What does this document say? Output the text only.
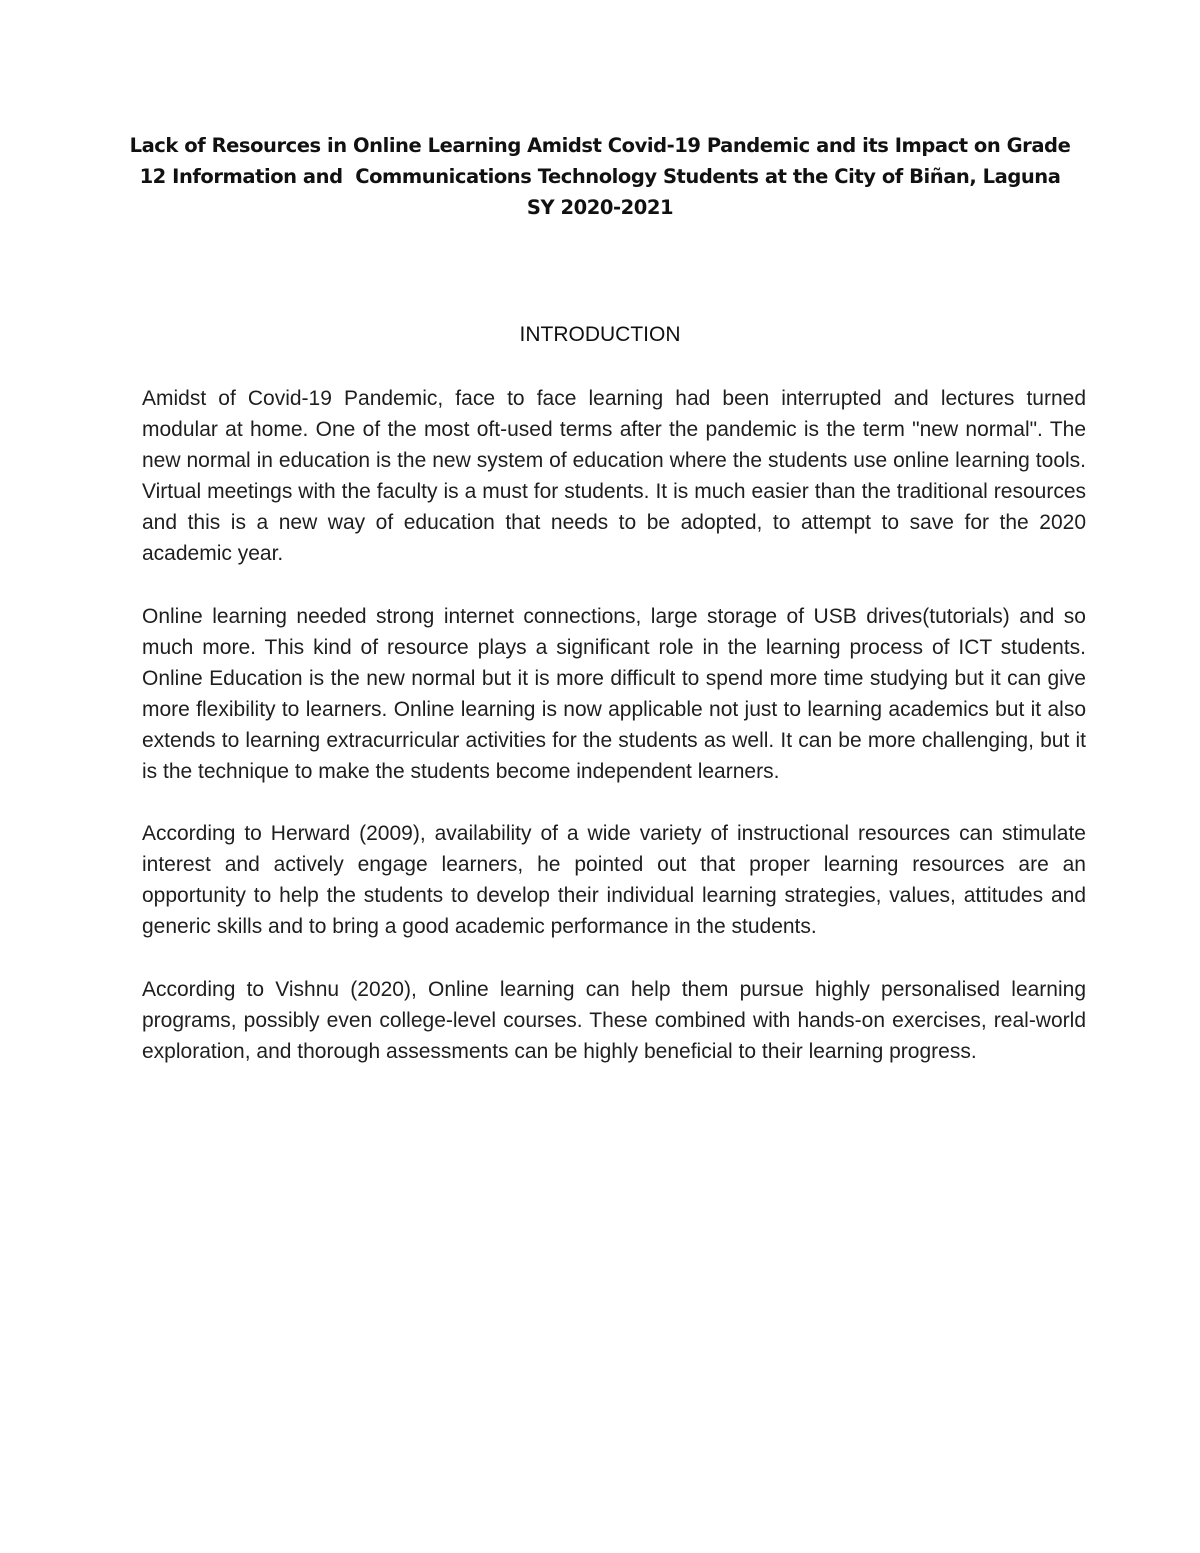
Lack of Resources in Online Learning Amidst Covid-19 Pandemic and its Impact on Grade
12 Information and  Communications Technology Students at the City of Biñan, Laguna
SY 2020-2021
INTRODUCTION

Amidst of Covid-19 Pandemic, face to face learning had been interrupted and lectures turned modular at home. One of the most oft-used terms after the pandemic is the term "new normal". The new normal in education is the new system of education where the students use online learning tools. Virtual meetings with the faculty is a must for students. It is much easier than the traditional resources and this is a new way of education that needs to be adopted, to attempt to save for the 2020 academic year.

Online learning needed strong internet connections, large storage of USB drives(tutorials) and so much more. This kind of resource plays a significant role in the learning process of ICT students. Online Education is the new normal but it is more difficult to spend more time studying but it can give more flexibility to learners. Online learning is now applicable not just to learning academics but it also extends to learning extracurricular activities for the students as well. It can be more challenging, but it is the technique to make the students become independent learners.

According to Herward (2009), availability of a wide variety of instructional resources can stimulate interest and actively engage learners, he pointed out that proper learning resources are an opportunity to help the students to develop their individual learning strategies, values, attitudes and generic skills and to bring a good academic performance in the students.

According to Vishnu (2020), Online learning can help them pursue highly personalised learning programs, possibly even college-level courses. These combined with hands-on exercises, real-world exploration, and thorough assessments can be highly beneficial to their learning progress.
